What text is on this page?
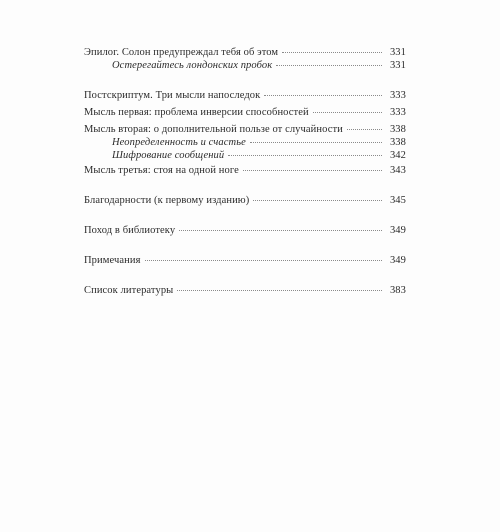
Эпилог. Солон предупреждал тебя об этом	331
Остерегайтесь лондонских пробок	331
Постскриптум. Три мысли напоследок	333
Мысль первая: проблема инверсии способностей	333
Мысль вторая: о дополнительной пользе от случайности	338
Неопределенность и счастье	338
Шифрование сообщений	342
Мысль третья: стоя на одной ноге	343
Благодарности (к первому изданию)	345
Поход в библиотеку	349
Примечания	349
Список литературы	383
